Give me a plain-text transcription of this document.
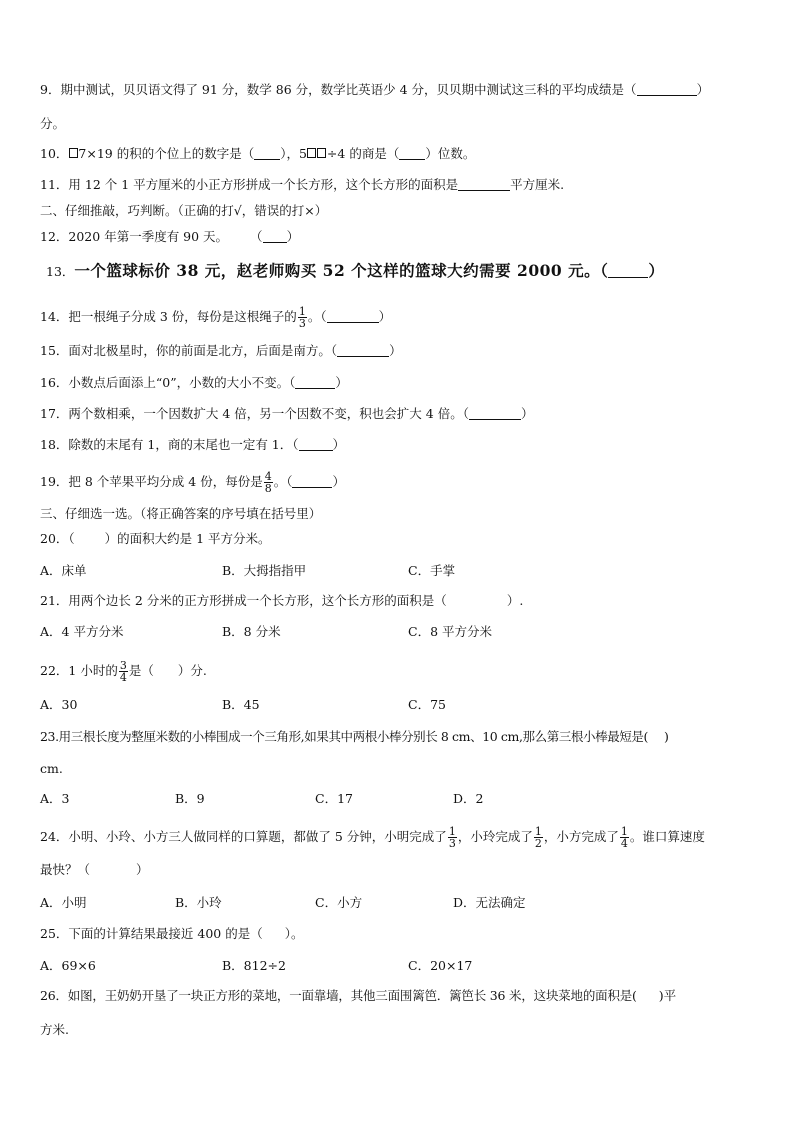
9．期中测试，贝贝语文得了 91 分，数学 86 分，数学比英语少 4 分，贝贝期中测试这三科的平均成绩是（	）
分。
10． 7×19 的积的个位上的数字是（ ），5 ÷4 的商是（ ）位数。
11．用 12 个 1 平方厘米的小正方形拼成一个长方形，这个长方形的面积是	平方厘米.
二、仔细推敲，巧判断。（正确的打√，错误的打×）
12．2020 年第一季度有 90 天。 （ ）
13．一个篮球标价 38 元，赵老师购买 52 个这样的篮球大约需要 2000 元。（	）
14．把一根绳子分成 3 份，每份是这根绳子的 $\frac{1}{3}$ 。（	）
15．面对北极星时，你的前面是北方，后面是南方。（	）
16．小数点后面添上“0”，小数的大小不变。（	）
17．两个数相乘，一个因数扩大 4 倍，另一个因数不变，积也会扩大 4 倍。（	）
18．除数的末尾有 1，商的末尾也一定有 1．（	）
19．把 8 个苹果平均分成 4 份，每份是 $\frac{4}{8}$ 。（	）
三、仔细选一选。（将正确答案的序号填在括号里）
20．（ ）的面积大约是 1 平方分米。
A．床单	B．大拇指指甲	C．手掌
21．用两个边长 2 分米的正方形拼成一个长方形，这个长方形的面积是（	）.
A．4 平方分米	B．8 分米	C．8 平方分米
22．1 小时的 $\frac{3}{4}$ 是（ ）分.
A．30	B．45	C．75
23.用三根长度为整厘米数的小棒围成一个三角形,如果其中两根小棒分别长 8 cm、10 cm,那么第三根小棒最短是( )
cm.
A．3	B．9	C．17	D．2
24．小明、小玲、小方三人做同样的口算题，都做了 5 分钟，小明完成了 $\frac{1}{3}$ ，小玲完成了 $\frac{1}{2}$ ，小方完成了 $\frac{1}{4}$ 。谁口算速度
最快？（	）
A．小明	B．小玲	C．小方	D．无法确定
25．下面的计算结果最接近 400 的是（ ）。
A．69×6	B．812÷2	C．20×17
26．如图，王奶奶开垦了一块正方形的菜地，一面靠墙，其他三面围篱笆．篱笆长 36 米，这块菜地的面积是( )平
方米.
